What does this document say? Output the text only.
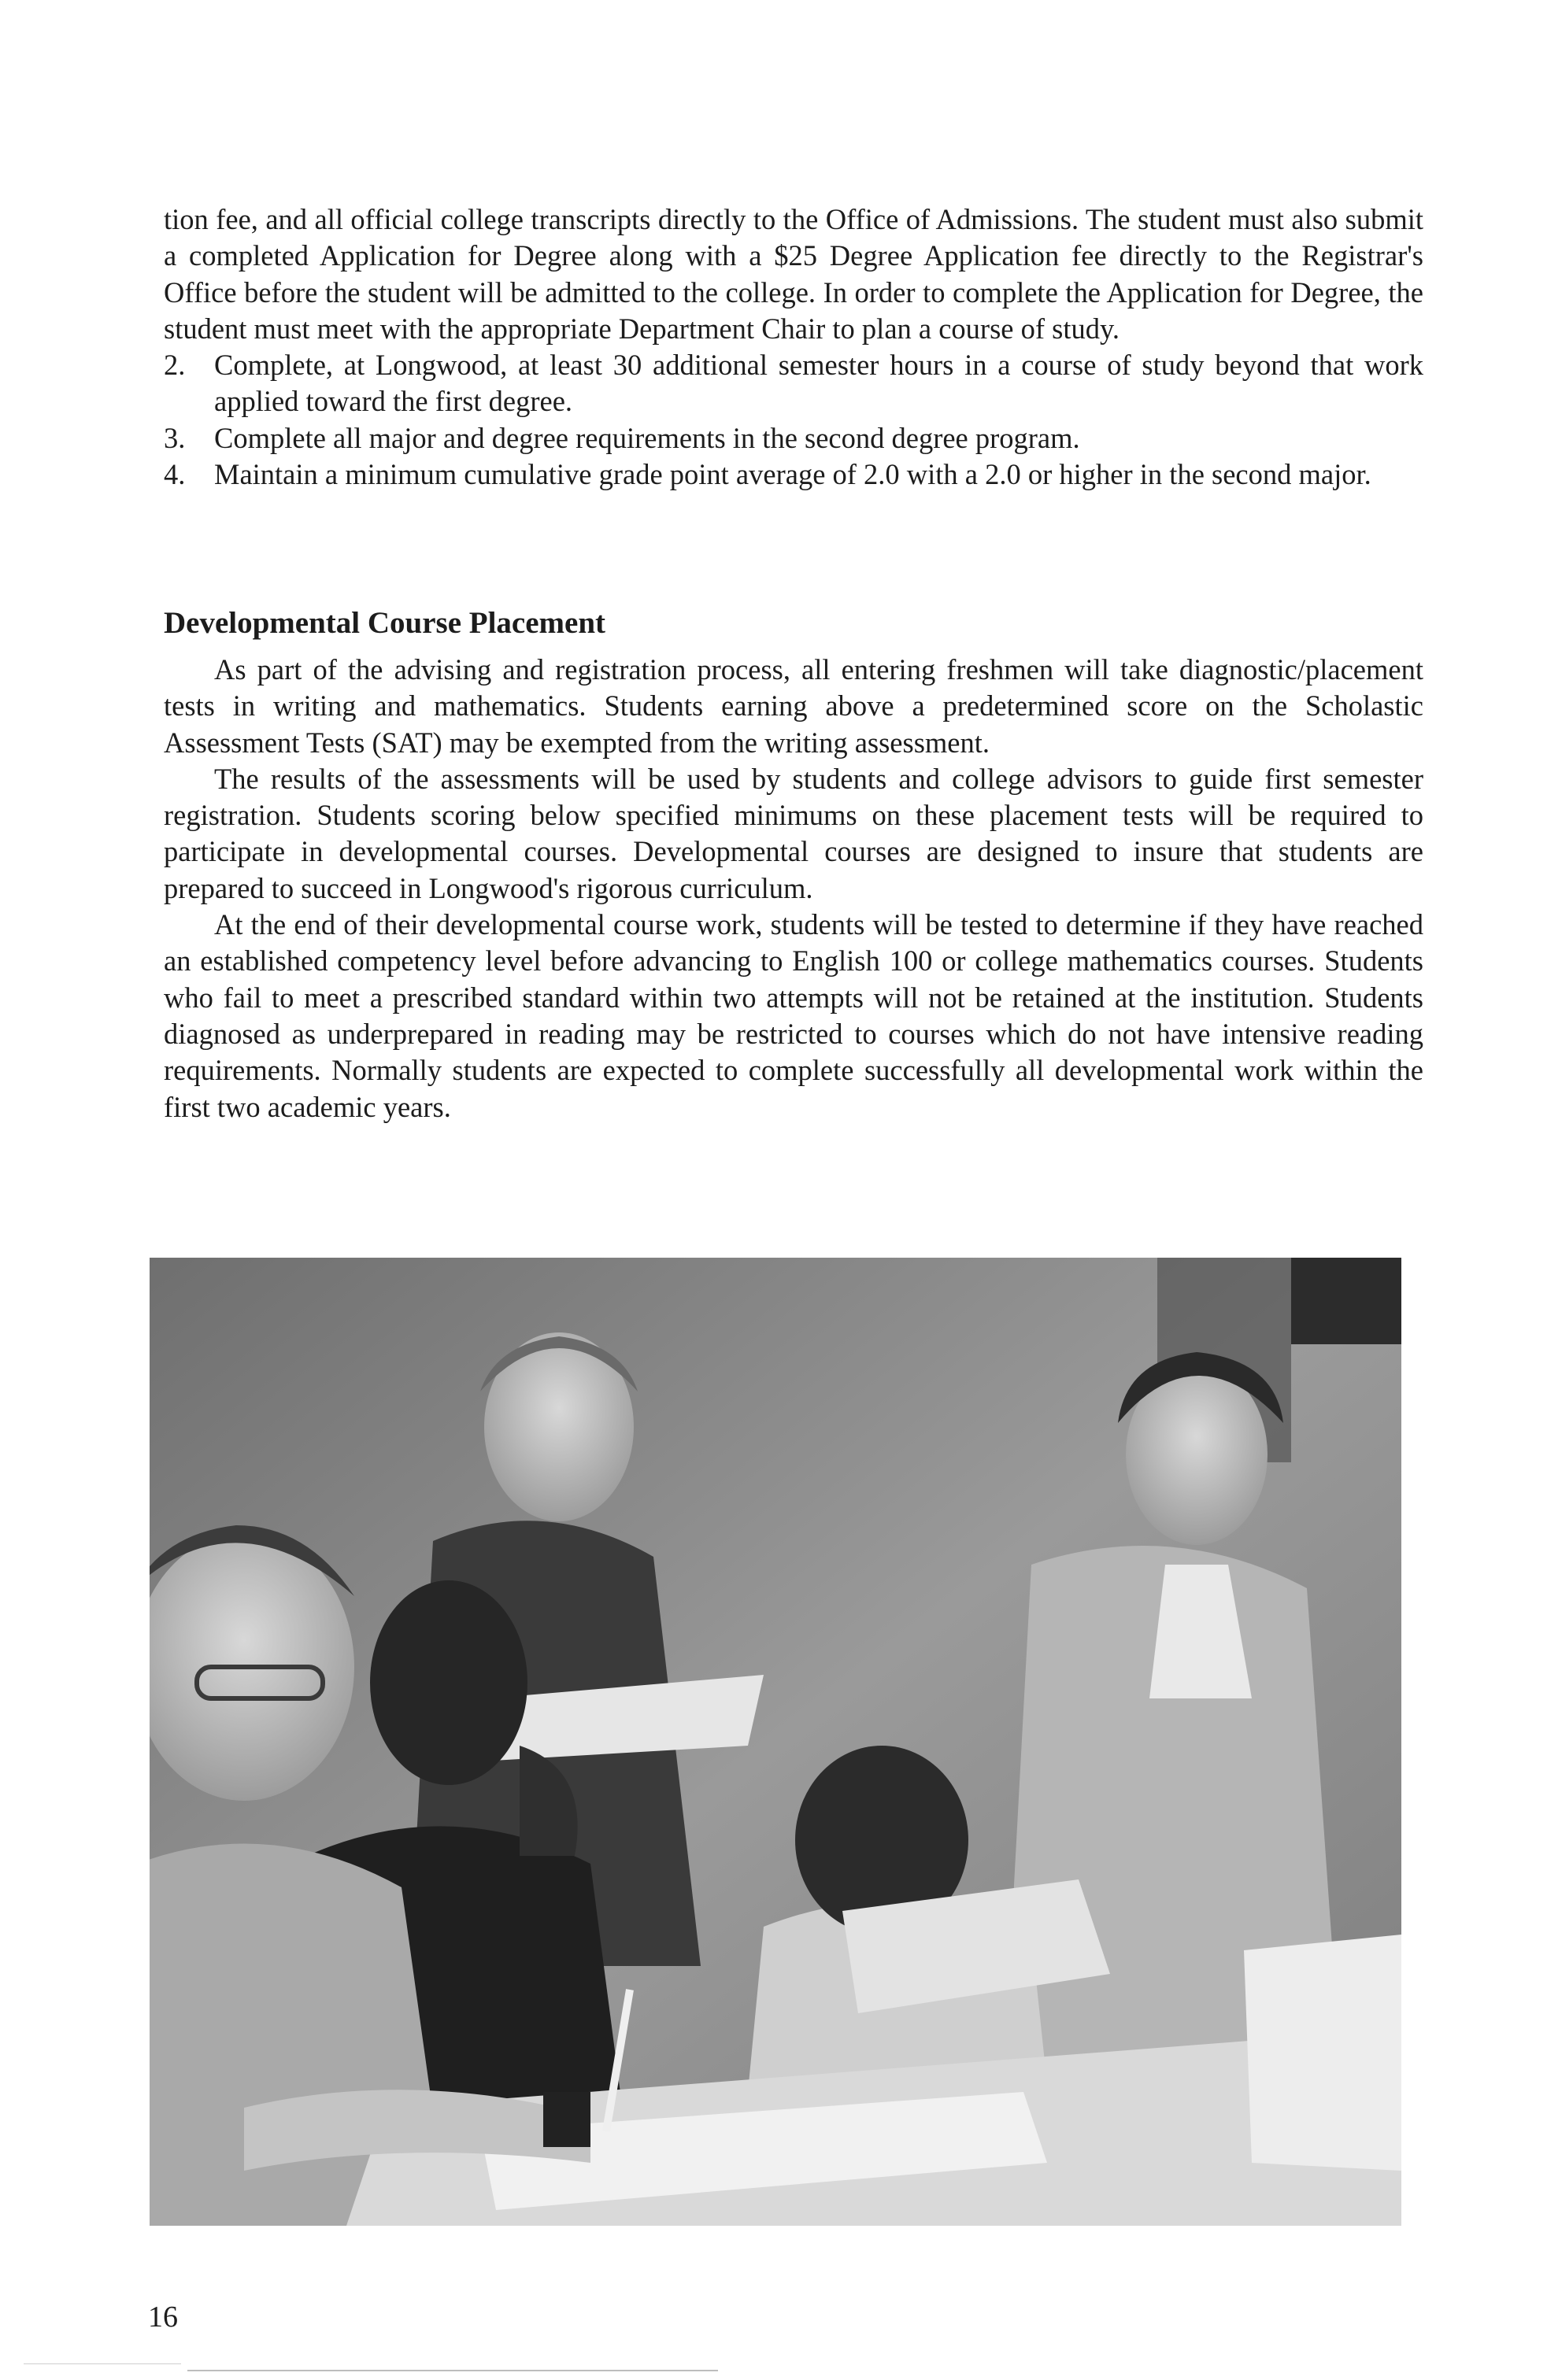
tion fee, and all official college transcripts directly to the Office of Admissions. The student must also submit a completed Application for Degree along with a $25 Degree Application fee directly to the Registrar's Office before the student will be admitted to the college. In order to complete the Application for Degree, the student must meet with the appropriate Department Chair to plan a course of study.

2. Complete, at Longwood, at least 30 additional semester hours in a course of study beyond that work applied toward the first degree.
3. Complete all major and degree requirements in the second degree program.
4. Maintain a minimum cumulative grade point average of 2.0 with a 2.0 or higher in the second major.
Developmental Course Placement

As part of the advising and registration process, all entering freshmen will take diagnostic/placement tests in writing and mathematics. Students earning above a predetermined score on the Scholastic Assessment Tests (SAT) may be exempted from the writing assessment.

The results of the assessments will be used by students and college advisors to guide first semester registration. Students scoring below specified minimums on these placement tests will be required to participate in developmental courses. Developmental courses are designed to insure that students are prepared to succeed in Longwood's rigorous curriculum.

At the end of their developmental course work, students will be tested to determine if they have reached an established competency level before advancing to English 100 or college mathematics courses. Students who fail to meet a prescribed standard within two attempts will not be retained at the institution. Students diagnosed as underprepared in reading may be restricted to courses which do not have intensive reading requirements. Normally students are expected to complete successfully all developmental work within the first two academic years.

16
